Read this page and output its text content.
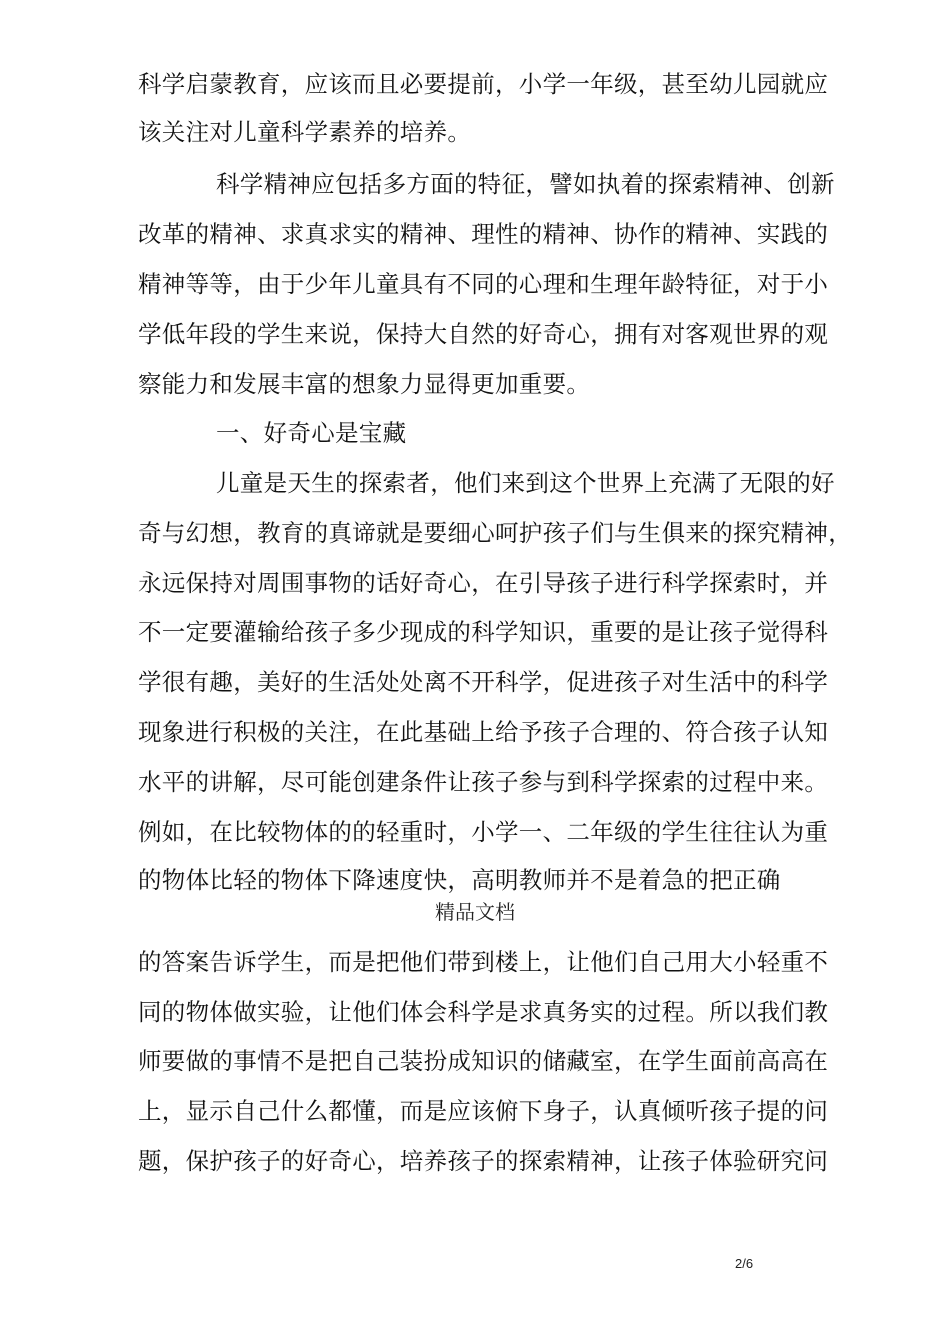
科学启蒙教育，应该而且必要提前，小学一年级，甚至幼儿园就应
该关注对儿童科学素养的培养。
科学精神应包括多方面的特征，譬如执着的探索精神、创新
改革的精神、求真求实的精神、理性的精神、协作的精神、实践的
精神等等，由于少年儿童具有不同的心理和生理年龄特征，对于小
学低年段的学生来说，保持大自然的好奇心，拥有对客观世界的观
察能力和发展丰富的想象力显得更加重要。
一、好奇心是宝藏
儿童是天生的探索者，他们来到这个世界上充满了无限的好
奇与幻想，教育的真谛就是要细心呵护孩子们与生俱来的探究精神，
永远保持对周围事物的话好奇心，在引导孩子进行科学探索时，并
不一定要灌输给孩子多少现成的科学知识，重要的是让孩子觉得科
学很有趣，美好的生活处处离不开科学，促进孩子对生活中的科学
现象进行积极的关注，在此基础上给予孩子合理的、符合孩子认知
水平的讲解，尽可能创建条件让孩子参与到科学探索的过程中来。
例如，在比较物体的的轻重时，小学一、二年级的学生往往认为重
的物体比轻的物体下降速度快，高明教师并不是着急的把正确
精品文档
的答案告诉学生，而是把他们带到楼上，让他们自己用大小轻重不
同的物体做实验，让他们体会科学是求真务实的过程。所以我们教
师要做的事情不是把自己装扮成知识的储藏室，在学生面前高高在
上，显示自己什么都懂，而是应该俯下身子，认真倾听孩子提的问
题，保护孩子的好奇心，培养孩子的探索精神，让孩子体验研究问
2/6
